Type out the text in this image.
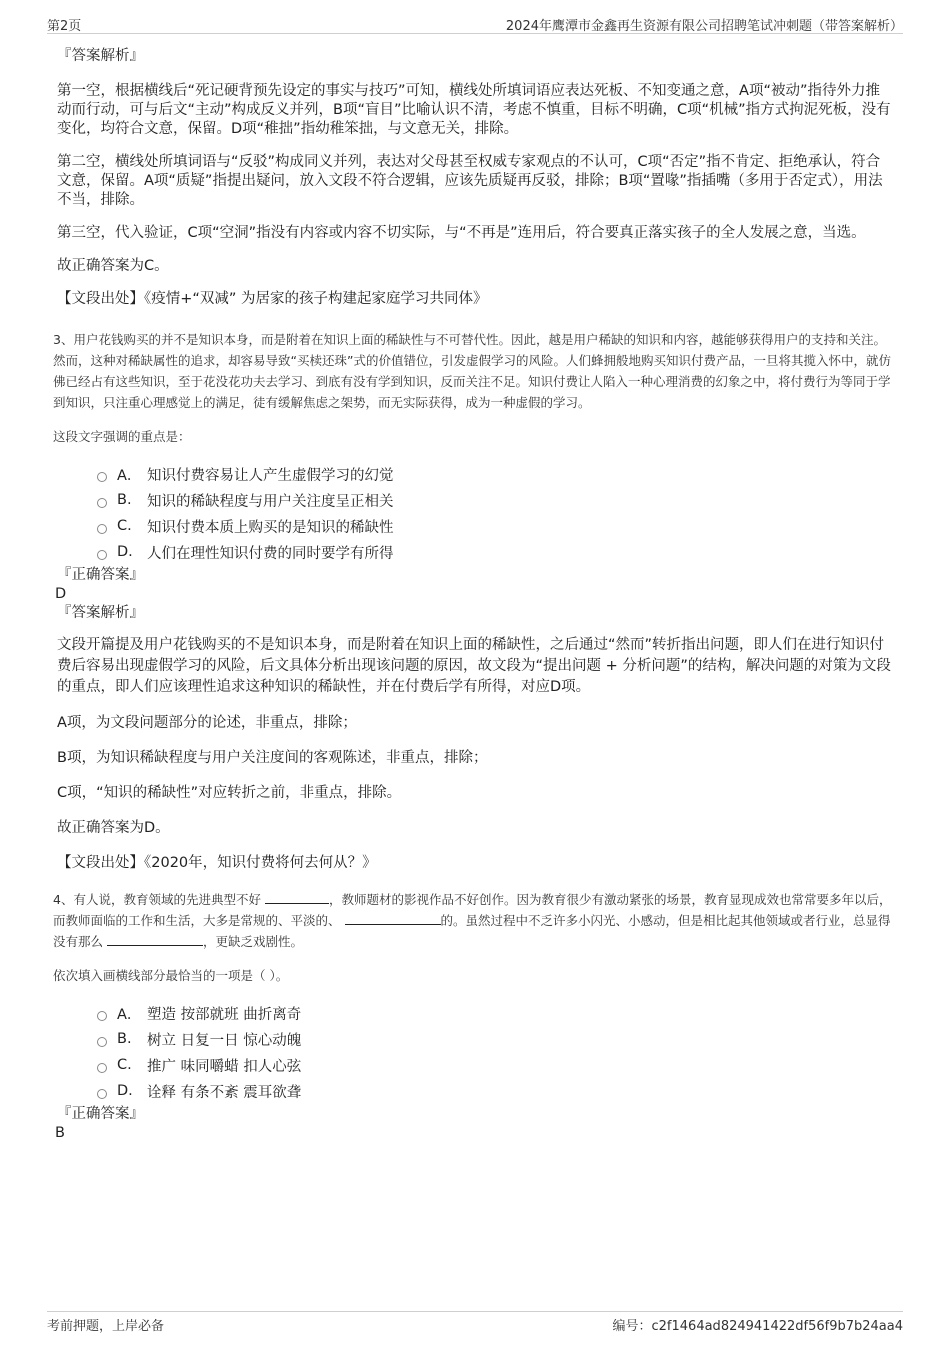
第2页	2024年鹰潭市金鑫再生资源有限公司招聘笔试冲刺题（带答案解析）

『答案解析』

第一空，根据横线后“死记硬背预先设定的事实与技巧”可知，横线处所填词语应表达死板、不知变通之意，A项“被动”指待外力推动而行动，可与后文“主动”构成反义并列，B项“盲目”比喻认识不清，考虑不慎重，目标不明确，C项“机械”指方式拘泥死板，没有变化，均符合文意，保留。D项“稚拙”指幼稚笨拙，与文意无关，排除。

第二空，横线处所填词语与“反驳”构成同义并列，表达对父母甚至权威专家观点的不认可，C项“否定”指不肯定、拒绝承认，符合文意，保留。A项“质疑”指提出疑问，放入文段不符合逻辑，应该先质疑再反驳，排除；B项“置喙”指插嘴（多用于否定式），用法不当，排除。

第三空，代入验证，C项“空洞”指没有内容或内容不切实际，与“不再是”连用后，符合要真正落实孩子的全人发展之意，当选。

故正确答案为C。

【文段出处】《疫情+“双减” 为居家的孩子构建起家庭学习共同体》

3、用户花钱购买的并不是知识本身，而是附着在知识上面的稀缺性与不可替代性。因此，越是用户稀缺的知识和内容，越能够获得用户的支持和关注。然而，这种对稀缺属性的追求，却容易导致“买椟还珠”式的价值错位，引发虚假学习的风险。人们蜂拥般地购买知识付费产品，一旦将其揽入怀中，就仿佛已经占有这些知识，至于花没花功夫去学习、到底有没有学到知识，反而关注不足。知识付费让人陷入一种心理消费的幻象之中，将付费行为等同于学到知识，只注重心理感觉上的满足，徒有缓解焦虑之架势，而无实际获得，成为一种虚假的学习。

这段文字强调的重点是：

A． 知识付费容易让人产生虚假学习的幻觉
B.	知识的稀缺程度与用户关注度呈正相关
C.	知识付费本质上购买的是知识的稀缺性
D. 人们在理性知识付费的同时要学有所得

『正确答案』

D

『答案解析』

文段开篇提及用户花钱购买的不是知识本身，而是附着在知识上面的稀缺性，之后通过“然而”转折指出问题，即人们在进行知识付费后容易出现虚假学习的风险，后文具体分析出现该问题的原因，故文段为“提出问题 + 分析问题”的结构，解决问题的对策为文段的重点，即人们应该理性追求这种知识的稀缺性，并在付费后学有所得，对应D项。

A项，为文段问题部分的论述，非重点，排除；

B项，为知识稀缺程度与用户关注度间的客观陈述，非重点，排除；

C项，“知识的稀缺性”对应转折之前，非重点，排除。

故正确答案为D。

【文段出处】《2020年，知识付费将何去何从？》

4、有人说，教育领域的先进典型不好	，教师题材的影视作品不好创作。因为教育很少有激动紧张的场景，教育显现成效也常常要多年以后，而教师面临的工作和生活，大多是常规的、平淡的、	的。虽然过程中不乏许多小闪光、小感动，但是相比起其他领域或者行业，总显得没有那么	，更缺乏戏剧性。

依次填入画横线部分最恰当的一项是（ ）。

A． 塑造 按部就班 曲折离奇
B.	树立 日复一日 惊心动魄
C.	推广 味同嚼蜡 扣人心弦
D. 诠释 有条不紊 震耳欲聋

『正确答案』

B

考前押题，上岸必备	编号：c2f1464ad824941422df56f9b7b24aa4
